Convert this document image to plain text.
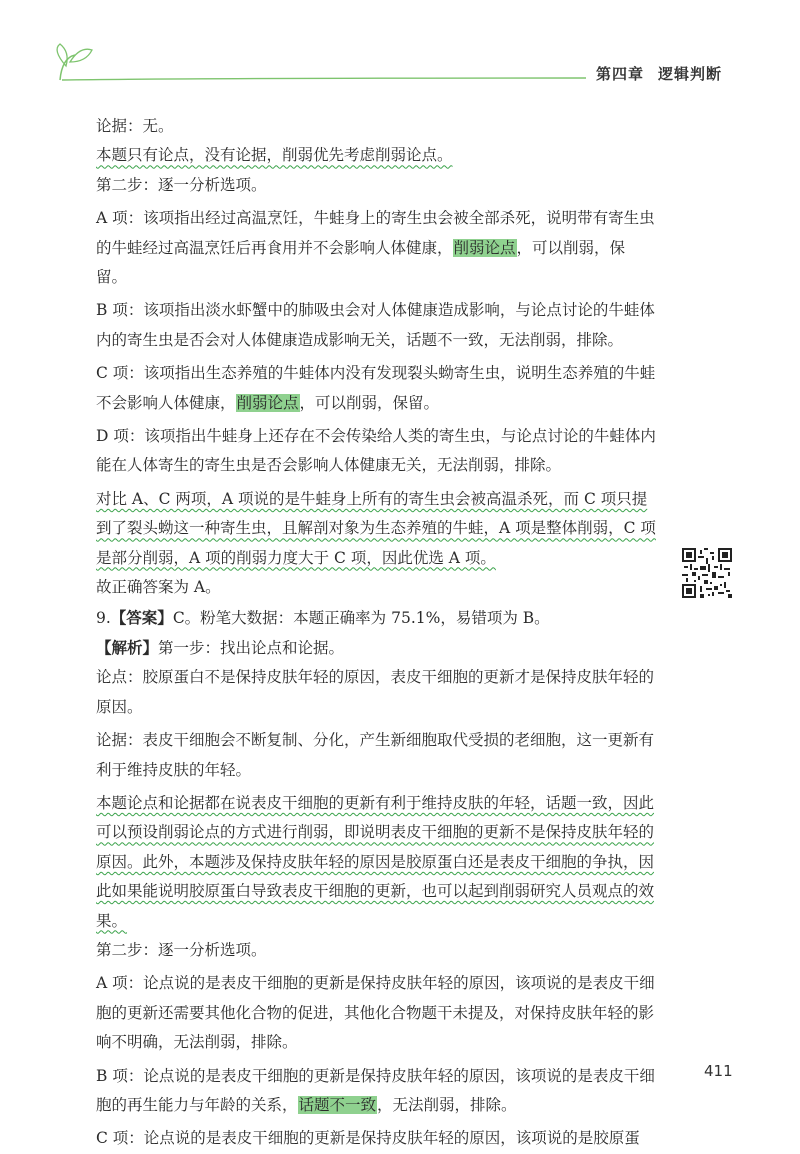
第四章 逻辑判断

论据：无。

本题只有论点，没有论据，削弱优先考虑削弱论点。

第二步：逐一分析选项。

A 项：该项指出经过高温烹饪，牛蛙身上的寄生虫会被全部杀死，说明带有寄生虫的牛蛙经过高温烹饪后再食用并不会影响人体健康，削弱论点，可以削弱，保留。

B 项：该项指出淡水虾蟹中的肺吸虫会对人体健康造成影响，与论点讨论的牛蛙体内的寄生虫是否会对人体健康造成影响无关，话题不一致，无法削弱，排除。

C 项：该项指出生态养殖的牛蛙体内没有发现裂头蚴寄生虫，说明生态养殖的牛蛙不会影响人体健康，削弱论点，可以削弱，保留。

D 项：该项指出牛蛙身上还存在不会传染给人类的寄生虫，与论点讨论的牛蛙体内能在人体寄生的寄生虫是否会影响人体健康无关，无法削弱，排除。

对比 A、C 两项，A 项说的是牛蛙身上所有的寄生虫会被高温杀死，而 C 项只提到了裂头蚴这一种寄生虫，且解剖对象为生态养殖的牛蛙，A 项是整体削弱，C 项是部分削弱，A 项的削弱力度大于 C 项，因此优选 A 项。

故正确答案为 A。

9.【答案】C。粉笔大数据：本题正确率为 75.1%，易错项为 B。

【解析】第一步：找出论点和论据。

论点：胶原蛋白不是保持皮肤年轻的原因，表皮干细胞的更新才是保持皮肤年轻的原因。

论据：表皮干细胞会不断复制、分化，产生新细胞取代受损的老细胞，这一更新有利于维持皮肤的年轻。

本题论点和论据都在说表皮干细胞的更新有利于维持皮肤的年轻，话题一致，因此可以预设削弱论点的方式进行削弱，即说明表皮干细胞的更新不是保持皮肤年轻的原因。此外，本题涉及保持皮肤年轻的原因是胶原蛋白还是表皮干细胞的争执，因此如果能说明胶原蛋白导致表皮干细胞的更新，也可以起到削弱研究人员观点的效果。

第二步：逐一分析选项。

A 项：论点说的是表皮干细胞的更新是保持皮肤年轻的原因，该项说的是表皮干细胞的更新还需要其他化合物的促进，其他化合物题干未提及，对保持皮肤年轻的影响不明确，无法削弱，排除。

B 项：论点说的是表皮干细胞的更新是保持皮肤年轻的原因，该项说的是表皮干细胞的再生能力与年龄的关系，话题不一致，无法削弱，排除。

C 项：论点说的是表皮干细胞的更新是保持皮肤年轻的原因，该项说的是胶原蛋

411
